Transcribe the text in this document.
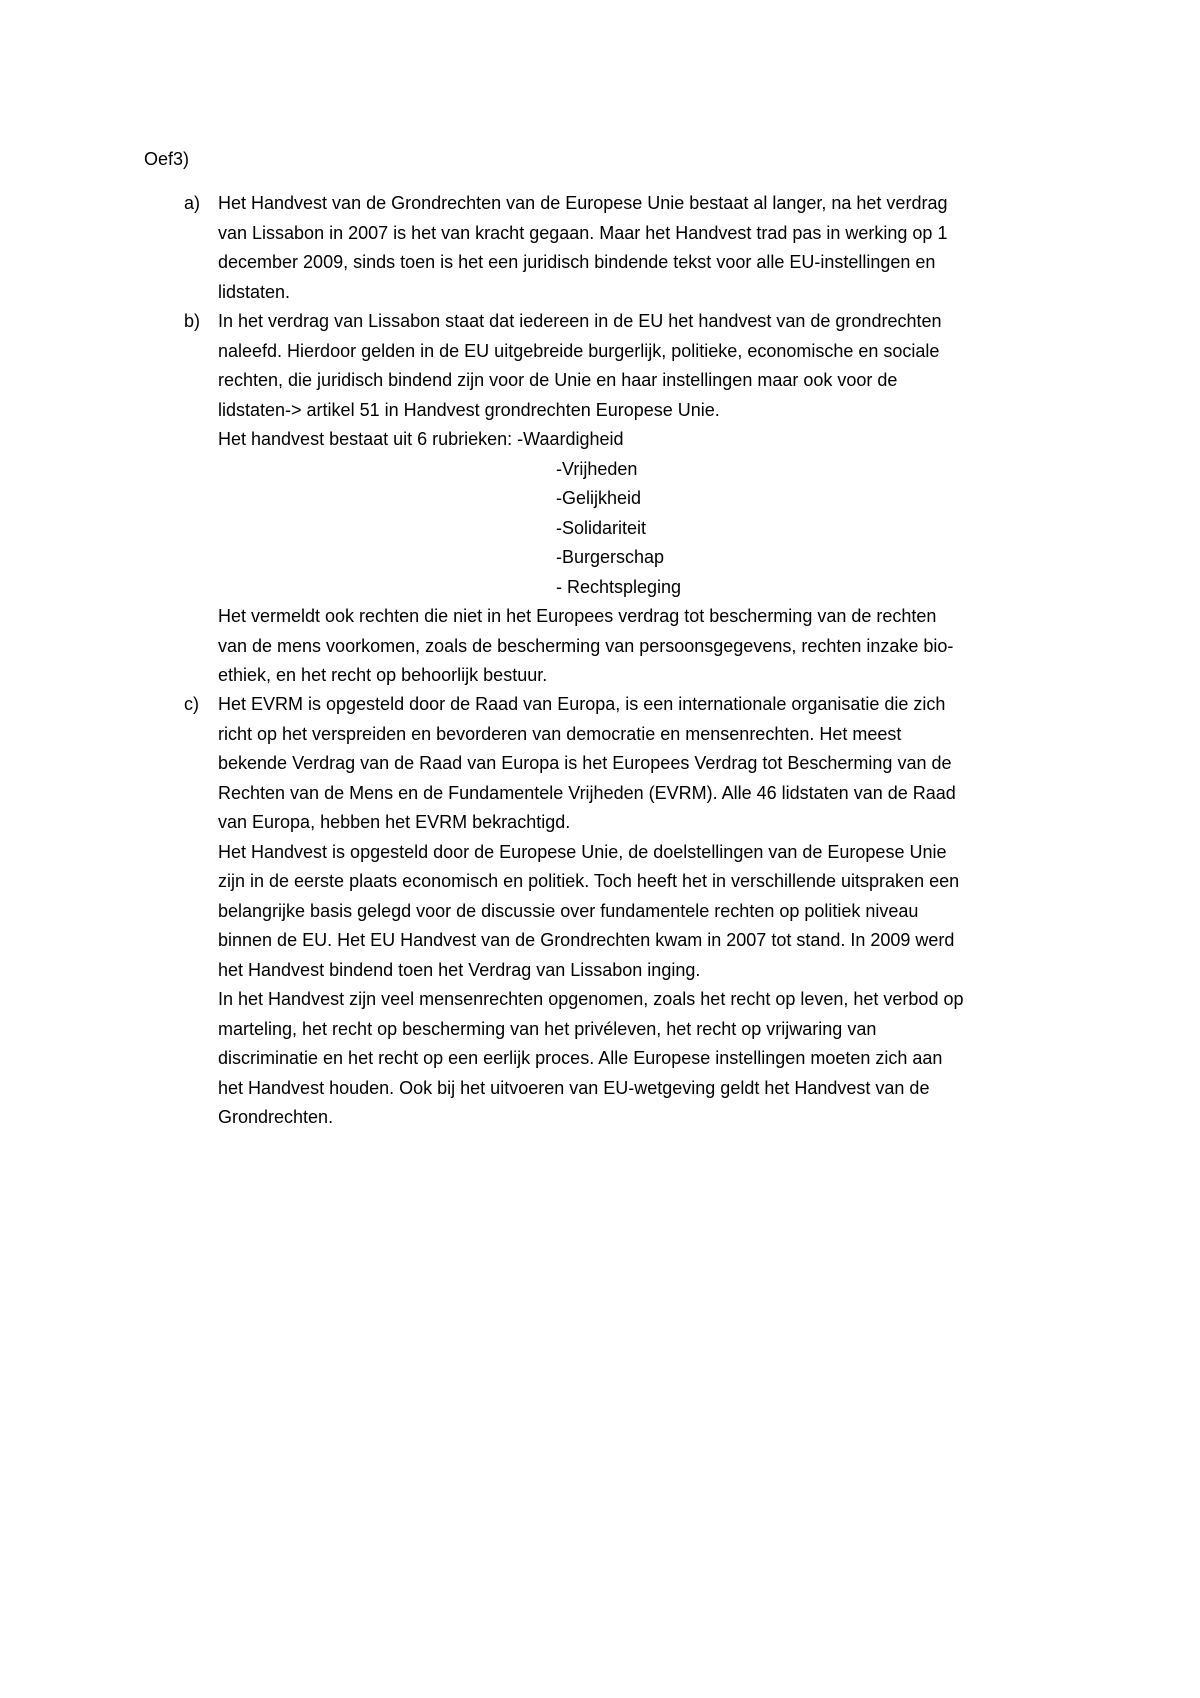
Oef3)
a) Het Handvest van de Grondrechten van de Europese Unie bestaat al langer, na het verdrag
van Lissabon in 2007 is het van kracht gegaan. Maar het Handvest trad pas in werking op 1
december 2009, sinds toen is het een juridisch bindende tekst voor alle EU-instellingen en
lidstaten.
b) In het verdrag van Lissabon staat dat iedereen in de EU het handvest van de grondrechten
naleefd. Hierdoor gelden in de EU uitgebreide burgerlijk, politieke, economische en sociale
rechten, die juridisch bindend zijn voor de Unie en haar instellingen maar ook voor de
lidstaten-> artikel 51 in Handvest grondrechten Europese Unie.
Het handvest bestaat uit 6 rubrieken: -Waardigheid
-Vrijheden
-Gelijkheid
-Solidariteit
-Burgerschap
- Rechtspleging
Het vermeldt ook rechten die niet in het Europees verdrag tot bescherming van de rechten
van de mens voorkomen, zoals de bescherming van persoonsgegevens, rechten inzake bio-
ethiek, en het recht op behoorlijk bestuur.
c)	Het EVRM is opgesteld door de Raad van Europa, is een internationale organisatie die zich
richt op het verspreiden en bevorderen van democratie en mensenrechten. Het meest
bekende Verdrag van de Raad van Europa is het Europees Verdrag tot Bescherming van de
Rechten van de Mens en de Fundamentele Vrijheden (EVRM). Alle 46 lidstaten van de Raad
van Europa, hebben het EVRM bekrachtigd.
Het Handvest is opgesteld door de Europese Unie, de doelstellingen van de Europese Unie
zijn in de eerste plaats economisch en politiek. Toch heeft het in verschillende uitspraken een
belangrijke basis gelegd voor de discussie over fundamentele rechten op politiek niveau
binnen de EU. Het EU Handvest van de Grondrechten kwam in 2007 tot stand. In 2009 werd
het Handvest bindend toen het Verdrag van Lissabon inging.
In het Handvest zijn veel mensenrechten opgenomen, zoals het recht op leven, het verbod op
marteling, het recht op bescherming van het privéleven, het recht op vrijwaring van
discriminatie en het recht op een eerlijk proces. Alle Europese instellingen moeten zich aan
het Handvest houden. Ook bij het uitvoeren van EU-wetgeving geldt het Handvest van de
Grondrechten.
